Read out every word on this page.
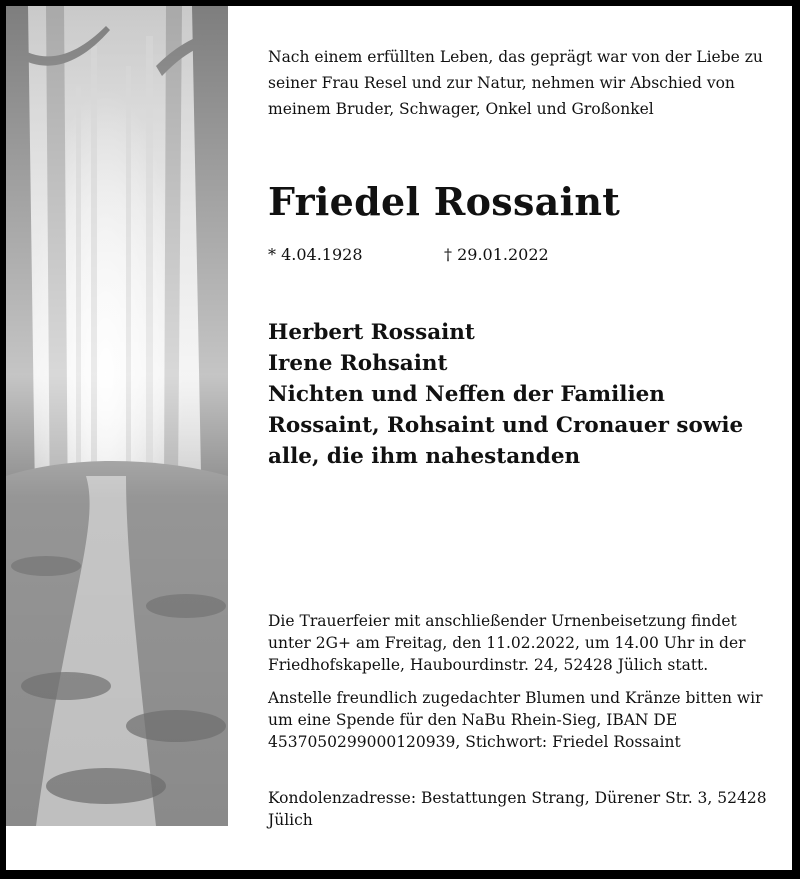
Nach einem erfüllten Leben, das geprägt war von der Liebe zu seiner Frau Resel und zur Natur, nehmen wir Abschied von meinem Bruder, Schwager, Onkel und Großonkel
Friedel Rossaint
* 4.04.1928	† 29.01.2022
Herbert Rossaint
Irene Rohsaint
Nichten und Neffen der Familien
Rossaint, Rohsaint und Cronauer sowie
alle, die ihm nahestanden
Die Trauerfeier mit anschließender Urnenbeisetzung findet unter 2G+ am Freitag, den 11.02.2022, um 14.00 Uhr in der Friedhofskapelle, Haubourdinstr. 24, 52428 Jülich statt.
Anstelle freundlich zugedachter Blumen und Kränze bitten wir um eine Spende für den NaBu Rhein-Sieg, IBAN DE 4537050299000120939, Stichwort: Friedel Rossaint
Kondolenzadresse: Bestattungen Strang, Dürener Str. 3, 52428 Jülich
